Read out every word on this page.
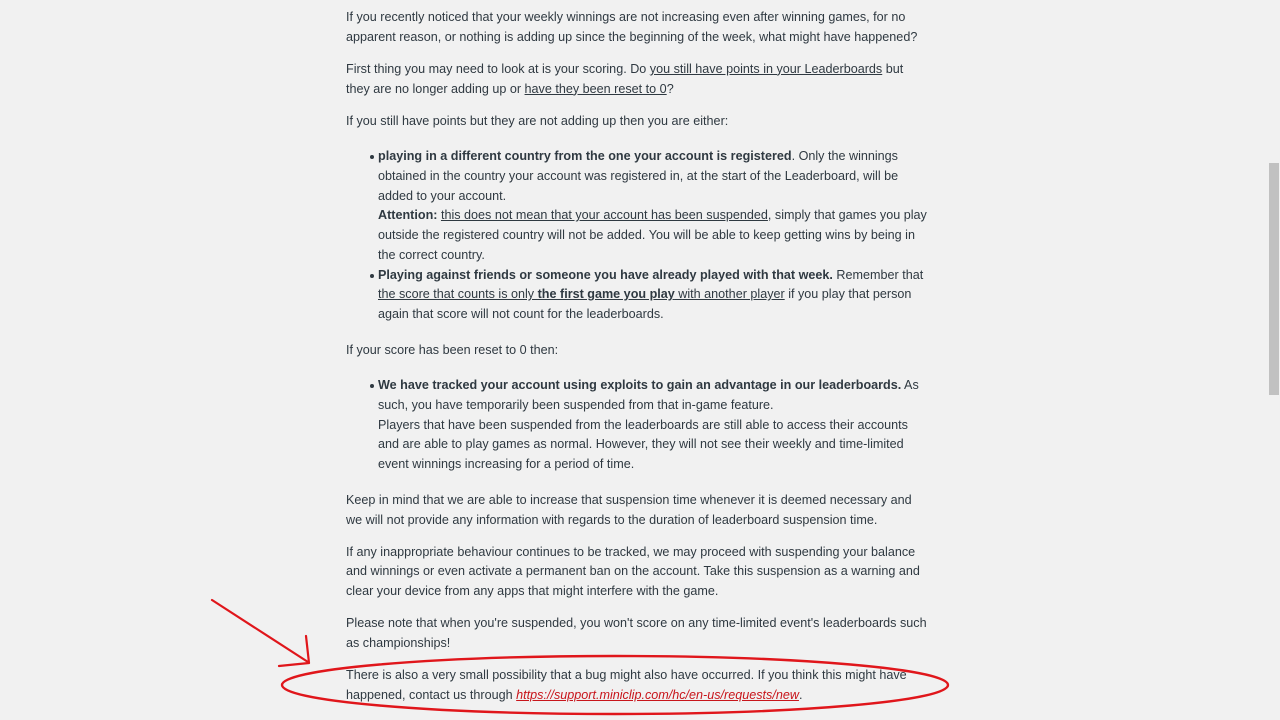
If you recently noticed that your weekly winnings are not increasing even after winning games, for no apparent reason, or nothing is adding up since the beginning of the week, what might have happened?

First thing you may need to look at is your scoring. Do you still have points in your Leaderboards but they are no longer adding up or have they been reset to 0?

If you still have points but they are not adding up then you are either:

playing in a different country from the one your account is registered. Only the winnings obtained in the country your account was registered in, at the start of the Leaderboard, will be added to your account.
Attention: this does not mean that your account has been suspended, simply that games you play outside the registered country will not be added. You will be able to keep getting wins by being in the correct country.
Playing against friends or someone you have already played with that week. Remember that the score that counts is only the first game you play with another player if you play that person again that score will not count for the leaderboards.

If your score has been reset to 0 then:

We have tracked your account using exploits to gain an advantage in our leaderboards. As such, you have temporarily been suspended from that in-game feature.
Players that have been suspended from the leaderboards are still able to access their accounts and are able to play games as normal. However, they will not see their weekly and time-limited event winnings increasing for a period of time.

Keep in mind that we are able to increase that suspension time whenever it is deemed necessary and we will not provide any information with regards to the duration of leaderboard suspension time.

If any inappropriate behaviour continues to be tracked, we may proceed with suspending your balance and winnings or even activate a permanent ban on the account. Take this suspension as a warning and clear your device from any apps that might interfere with the game.

Please note that when you're suspended, you won't score on any time-limited event's leaderboards such as championships!

There is also a very small possibility that a bug might also have occurred. If you think this might have happened, contact us through https://support.miniclip.com/hc/en-us/requests/new.
